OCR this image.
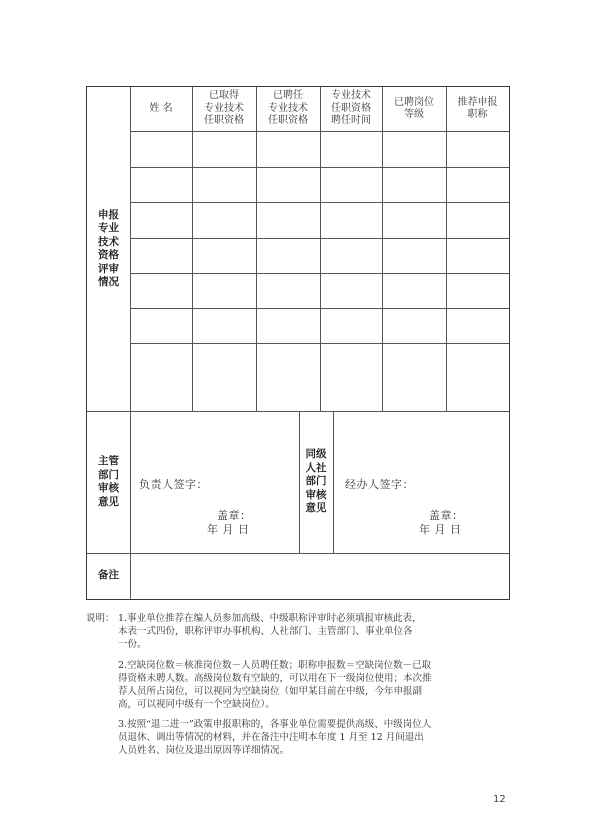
姓 名
已取得
专业技术
任职资格
已聘任
专业技术
任职资格
专业技术
任职资格
聘任时间
已聘岗位
等级
推荐申报
职称
申报
专业
技术
资格
评审
情况
主管
部门
审核
意见
同级
人社
部门
审核
意见
备注
负责人签字：
盖章：
年 月 日
经办人签字：
盖章：
年 月 日
说明： 1.事业单位推荐在编人员参加高级、中级职称评审时必须填报审核此表，
本表一式四份，职称评审办事机构、人社部门、主管部门、事业单位各
一份。
2.空缺岗位数＝核准岗位数－人员聘任数；职称申报数＝空缺岗位数－已取
得资格未聘人数。高级岗位数有空缺的，可以用在下一级岗位使用；本次推
荐人员所占岗位，可以视同为空缺岗位（如甲某目前在中级，今年申报副
高，可以视同中级有一个空缺岗位）。
3.按照“退二进一”政策申报职称的，各事业单位需要提供高级、中级岗位人
员退休、调出等情况的材料，并在备注中注明本年度 1 月至 12 月间退出
人员姓名、岗位及退出原因等详细情况。
12
